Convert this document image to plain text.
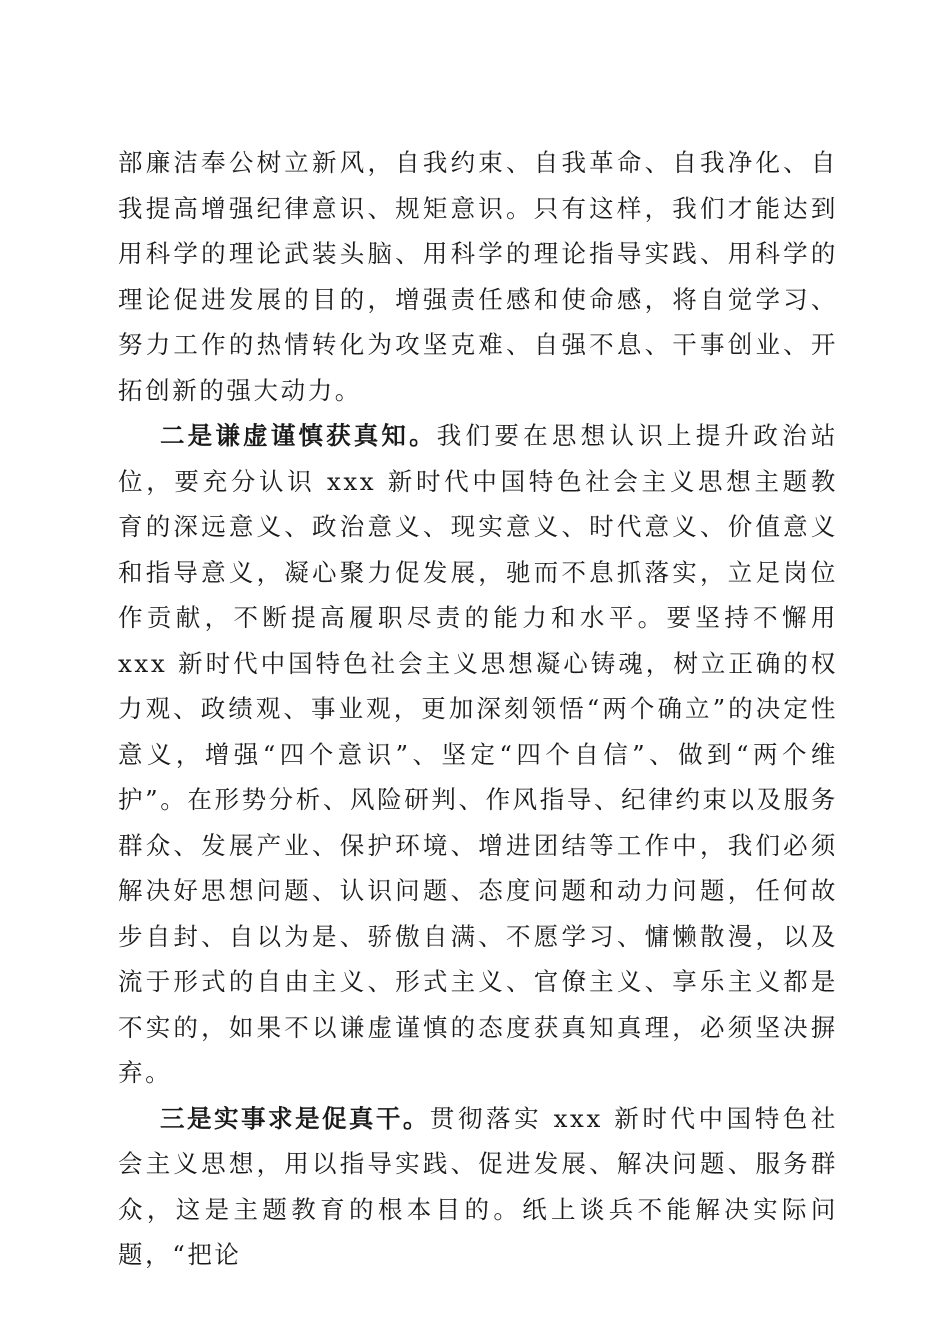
部廉洁奉公树立新风，自我约束、自我革命、自我净化、自我提高增强纪律意识、规矩意识。只有这样，我们才能达到用科学的理论武装头脑、用科学的理论指导实践、用科学的理论促进发展的目的，增强责任感和使命感，将自觉学习、努力工作的热情转化为攻坚克难、自强不息、干事创业、开拓创新的强大动力。

二是谦虚谨慎获真知。我们要在思想认识上提升政治站位，要充分认识 xxx 新时代中国特色社会主义思想主题教育的深远意义、政治意义、现实意义、时代意义、价值意义和指导意义，凝心聚力促发展，驰而不息抓落实，立足岗位作贡献，不断提高履职尽责的能力和水平。要坚持不懈用 xxx 新时代中国特色社会主义思想凝心铸魂，树立正确的权力观、政绩观、事业观，更加深刻领悟“两个确立”的决定性意义，增强“四个意识”、坚定“四个自信”、做到“两个维护”。在形势分析、风险研判、作风指导、纪律约束以及服务群众、发展产业、保护环境、增进团结等工作中，我们必须解决好思想问题、认识问题、态度问题和动力问题，任何故步自封、自以为是、骄傲自满、不愿学习、慵懒散漫，以及流于形式的自由主义、形式主义、官僚主义、享乐主义都是不实的，如果不以谦虚谨慎的态度获真知真理，必须坚决摒弃。

三是实事求是促真干。贯彻落实 xxx 新时代中国特色社会主义思想，用以指导实践、促进发展、解决问题、服务群众，这是主题教育的根本目的。纸上谈兵不能解决实际问题，“把论
